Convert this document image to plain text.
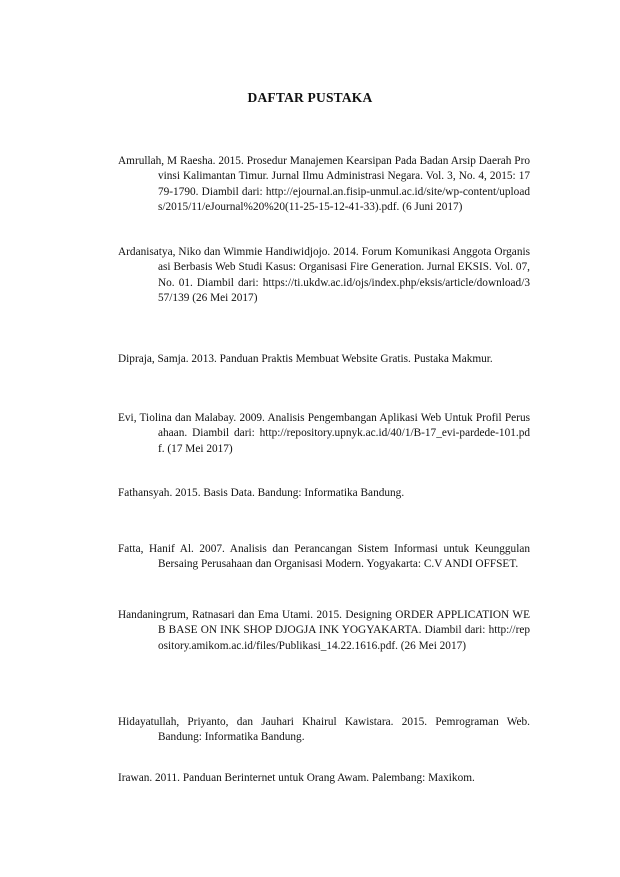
DAFTAR PUSTAKA
Amrullah, M Raesha. 2015. Prosedur Manajemen Kearsipan Pada Badan Arsip Daerah Provinsi Kalimantan Timur. Jurnal Ilmu Administrasi Negara. Vol. 3, No. 4, 2015: 1779-1790. Diambil dari: http://ejournal.an.fisip-unmul.ac.id/site/wp-content/uploads/2015/11/eJournal%20%20(11-25-15-12-41-33).pdf. (6 Juni 2017)
Ardanisatya, Niko dan Wimmie Handiwidjojo. 2014. Forum Komunikasi Anggota Organisasi Berbasis Web Studi Kasus: Organisasi Fire Generation. Jurnal EKSIS. Vol. 07, No. 01. Diambil dari: https://ti.ukdw.ac.id/ojs/index.php/eksis/article/download/357/139 (26 Mei 2017)
Dipraja, Samja. 2013. Panduan Praktis Membuat Website Gratis. Pustaka Makmur.
Evi, Tiolina dan Malabay. 2009. Analisis Pengembangan Aplikasi Web Untuk Profil Perusahaan. Diambil dari: http://repository.upnyk.ac.id/40/1/B-17_evi-pardede-101.pdf. (17 Mei 2017)
Fathansyah. 2015. Basis Data. Bandung: Informatika Bandung.
Fatta, Hanif Al. 2007. Analisis dan Perancangan Sistem Informasi untuk Keunggulan Bersaing Perusahaan dan Organisasi Modern. Yogyakarta: C.V ANDI OFFSET.
Handaningrum, Ratnasari dan Ema Utami. 2015. Designing ORDER APPLICATION WEB BASE ON INK SHOP DJOGJA INK YOGYAKARTA. Diambil dari: http://repository.amikom.ac.id/files/Publikasi_14.22.1616.pdf. (26 Mei 2017)
Hidayatullah, Priyanto, dan Jauhari Khairul Kawistara. 2015. Pemrograman Web. Bandung: Informatika Bandung.
Irawan. 2011. Panduan Berinternet untuk Orang Awam. Palembang: Maxikom.
